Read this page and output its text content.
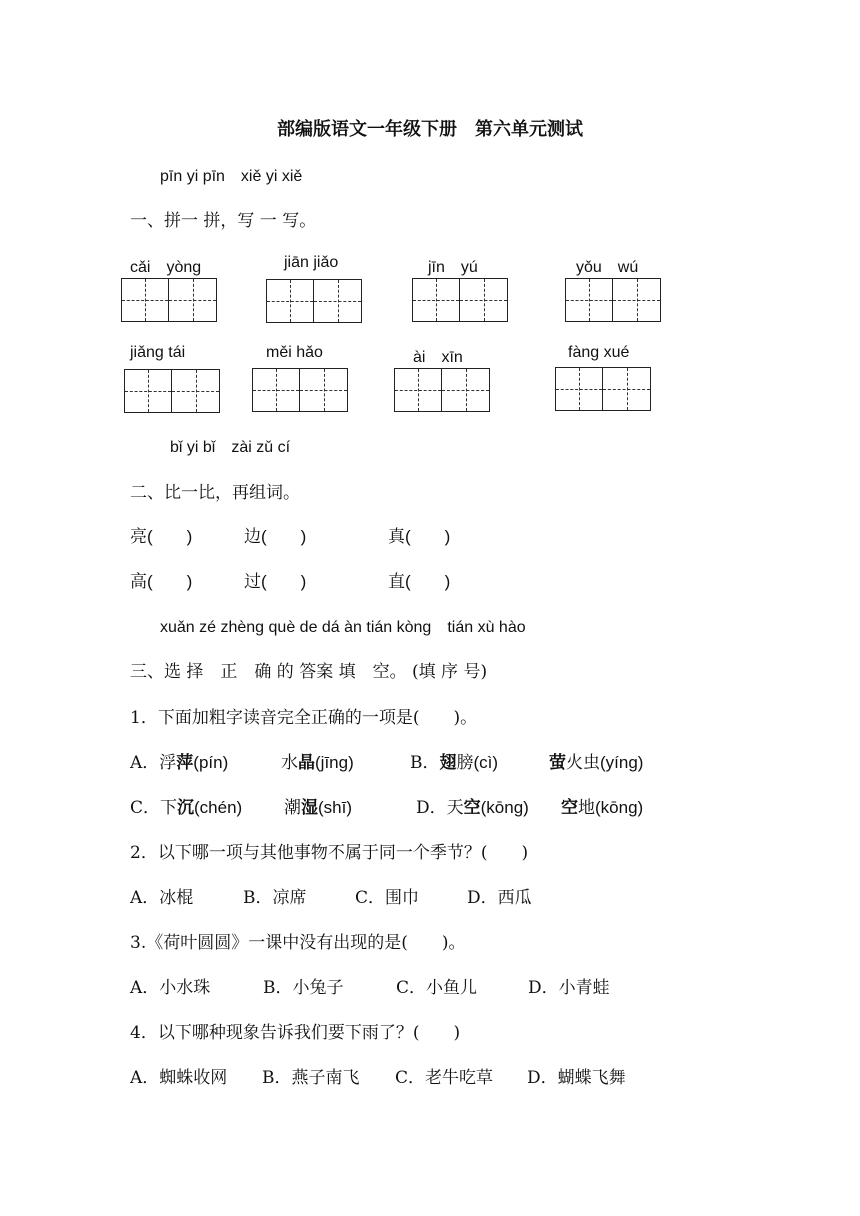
部编版语文一年级下册　第六单元测试
pīn yi pīn　xiě yi xiě
一、拼一 拼，写 一 写。
cǎi　yòng	jiān jiǎo	jīn　yú	yǒu　wú
jiǎng tái	měi hǎo	ài　xīn	fàng xué
bǐ yi bǐ　zài zǔ cí
二、比一比，再组词。
亮(　　)	边(　　)	真(　　)
高(　　)	过(　　)	直(　　)
xuǎn zé zhèng què de dá àn tián kòng　tián xù hào
三、选 择　正　确 的 答案 填　空。 (填 序 号)
1．下面加粗字读音完全正确的一项是(　　)。
A．浮萍(pín)	水晶(jīng)	B．翅膀(cì)	萤火虫(yíng)
C．下沉(chén) 潮湿(shī)	D．天空(kōng) 空地(kōng)
2．以下哪一项与其他事物不属于同一个季节？(　　)
A．冰棍	B．凉席	C．围巾	D．西瓜
3.《荷叶圆圆》一课中没有出现的是(　　)。
A．小水珠	B．小兔子	C．小鱼儿	D．小青蛙
4．以下哪种现象告诉我们要下雨了？(　　)
A．蜘蛛收网 B．燕子南飞 C．老牛吃草 D．蝴蝶飞舞
